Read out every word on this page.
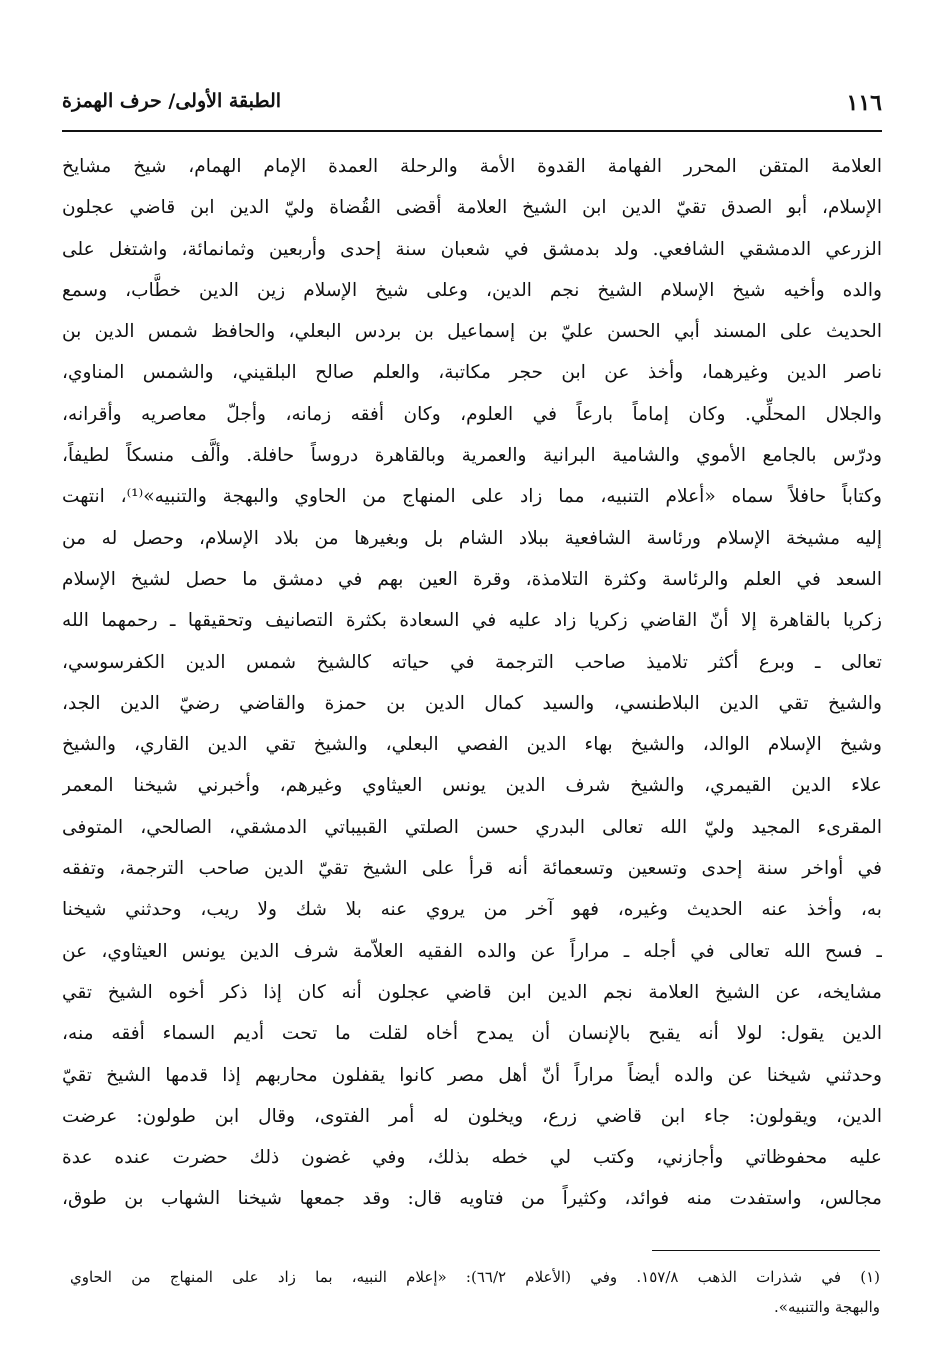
١١٦
الطبقة الأولى/ حرف الهمزة
العلامة المتقن المحرر الفهامة القدوة الأمة والرحلة العمدة الإمام الهمام، شيخ مشايخ
الإسلام، أبو الصدق تقيّ الدين ابن الشيخ العلامة أقضى القُضاة وليّ الدين ابن قاضي عجلون
الزرعي الدمشقي الشافعي. ولد بدمشق في شعبان سنة إحدى وأربعين وثمانمائة، واشتغل على
والده وأخيه شيخ الإسلام الشيخ نجم الدين، وعلى شيخ الإسلام زين الدين خطَّاب، وسمع
الحديث على المسند أبي الحسن عليّ بن إسماعيل بن بردس البعلي، والحافظ شمس الدين بن
ناصر الدين وغيرهما، وأخذ عن ابن حجر مكاتبة، والعلم صالح البلقيني، والشمس المناوي،
والجلال المحلِّي. وكان إماماً بارعاً في العلوم، وكان أفقه زمانه، وأجلّ معاصريه وأقرانه،
ودرّس بالجامع الأموي والشامية البرانية والعمرية وبالقاهرة دروساً حافلة. وألَّف منسكاً لطيفاً،
وكتاباً حافلاً سماه «أعلام التنبيه، مما زاد على المنهاج من الحاوي والبهجة والتنبيه»⁽¹⁾، انتهت
إليه مشيخة الإسلام ورئاسة الشافعية ببلاد الشام بل وبغيرها من بلاد الإسلام، وحصل له من
السعد في العلم والرئاسة وكثرة التلامذة، وقرة العين بهم في دمشق ما حصل لشيخ الإسلام
زكريا بالقاهرة إلا أنّ القاضي زكريا زاد عليه في السعادة بكثرة التصانيف وتحقيقها ـ رحمهما الله
تعالى ـ وبرع أكثر تلاميذ صاحب الترجمة في حياته كالشيخ شمس الدين الكفرسوسي،
والشيخ تقي الدين البلاطنسي، والسيد كمال الدين بن حمزة والقاضي رضيّ الدين الجد،
وشيخ الإسلام الوالد، والشيخ بهاء الدين الفصي البعلي، والشيخ تقي الدين القاري، والشيخ
علاء الدين القيمري، والشيخ شرف الدين يونس العيثاوي وغيرهم، وأخبرني شيخنا المعمر
المقرىء المجيد وليّ الله تعالى البدري حسن الصلتي القبيباتي الدمشقي، الصالحي، المتوفى
في أواخر سنة إحدى وتسعين وتسعمائة أنه قرأ على الشيخ تقيّ الدين صاحب الترجمة، وتفقه
به، وأخذ عنه الحديث وغيره، فهو آخر من يروي عنه بلا شك ولا ريب، وحدثني شيخنا
ـ فسح الله تعالى في أجله ـ مراراً عن والده الفقيه العلاّمة شرف الدين يونس العيثاوي، عن
مشايخه، عن الشيخ العلامة نجم الدين ابن قاضي عجلون أنه كان إذا ذكر أخوه الشيخ تقي
الدين يقول: لولا أنه يقبح بالإنسان أن يمدح أخاه لقلت ما تحت أديم السماء أفقه منه،
وحدثني شيخنا عن والده أيضاً مراراً أنّ أهل مصر كانوا يقفلون محاربهم إذا قدمها الشيخ تقيّ
الدين، ويقولون: جاء ابن قاضي زرع، ويخلون له أمر الفتوى، وقال ابن طولون: عرضت
عليه محفوظاتي وأجازني، وكتب لي خطه بذلك، وفي غضون ذلك حضرت عنده عدة
مجالس، واستفدت منه فوائد، وكثيراً من فتاويه قال: وقد جمعها شيخنا الشهاب بن طوق،
(١) في شذرات الذهب ١٥٧/٨. وفي (الأعلام ٦٦/٢): «إعلام النبيه، بما زاد على المنهاج من الحاوي
والبهجة والتنبيه».
